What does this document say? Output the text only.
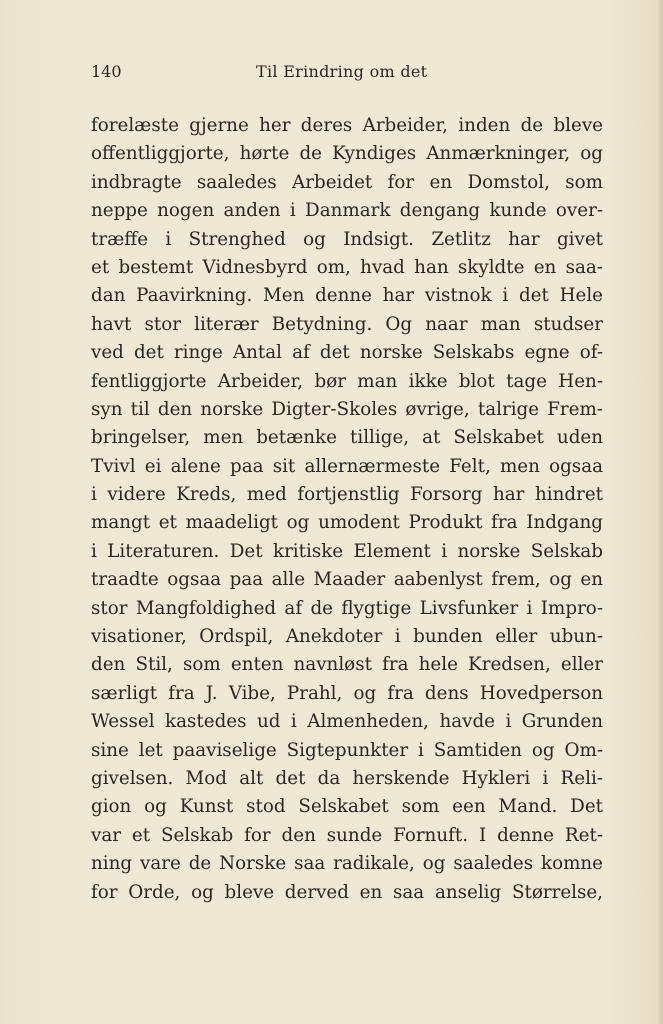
140	Til Erindring om det
forelæste gjerne her deres Arbeider, inden de bleve
offentliggjorte, hørte de Kyndiges Anmærkninger, og
indbragte saaledes Arbeidet for en Domstol, som
neppe nogen anden i Danmark dengang kunde over-
træffe i Strenghed og Indsigt. Zetlitz har givet
et bestemt Vidnesbyrd om, hvad han skyldte en saa-
dan Paavirkning. Men denne har vistnok i det Hele
havt stor literær Betydning. Og naar man studser
ved det ringe Antal af det norske Selskabs egne of-
fentliggjorte Arbeider, bør man ikke blot tage Hen-
syn til den norske Digter-Skoles øvrige, talrige Frem-
bringelser, men betænke tillige, at Selskabet uden
Tvivl ei alene paa sit allernærmeste Felt, men ogsaa
i videre Kreds, med fortjenstlig Forsorg har hindret
mangt et maadeligt og umodent Produkt fra Indgang
i Literaturen. Det kritiske Element i norske Selskab
traadte ogsaa paa alle Maader aabenlyst frem, og en
stor Mangfoldighed af de flygtige Livsfunker i Impro-
visationer, Ordspil, Anekdoter i bunden eller ubun-
den Stil, som enten navnløst fra hele Kredsen, eller
særligt fra J. Vibe, Prahl, og fra dens Hovedperson
Wessel kastedes ud i Almenheden, havde i Grunden
sine let paaviselige Sigtepunkter i Samtiden og Om-
givelsen. Mod alt det da herskende Hykleri i Reli-
gion og Kunst stod Selskabet som een Mand. Det
var et Selskab for den sunde Fornuft. I denne Ret-
ning vare de Norske saa radikale, og saaledes komne
for Orde, og bleve derved en saa anselig Størrelse,
